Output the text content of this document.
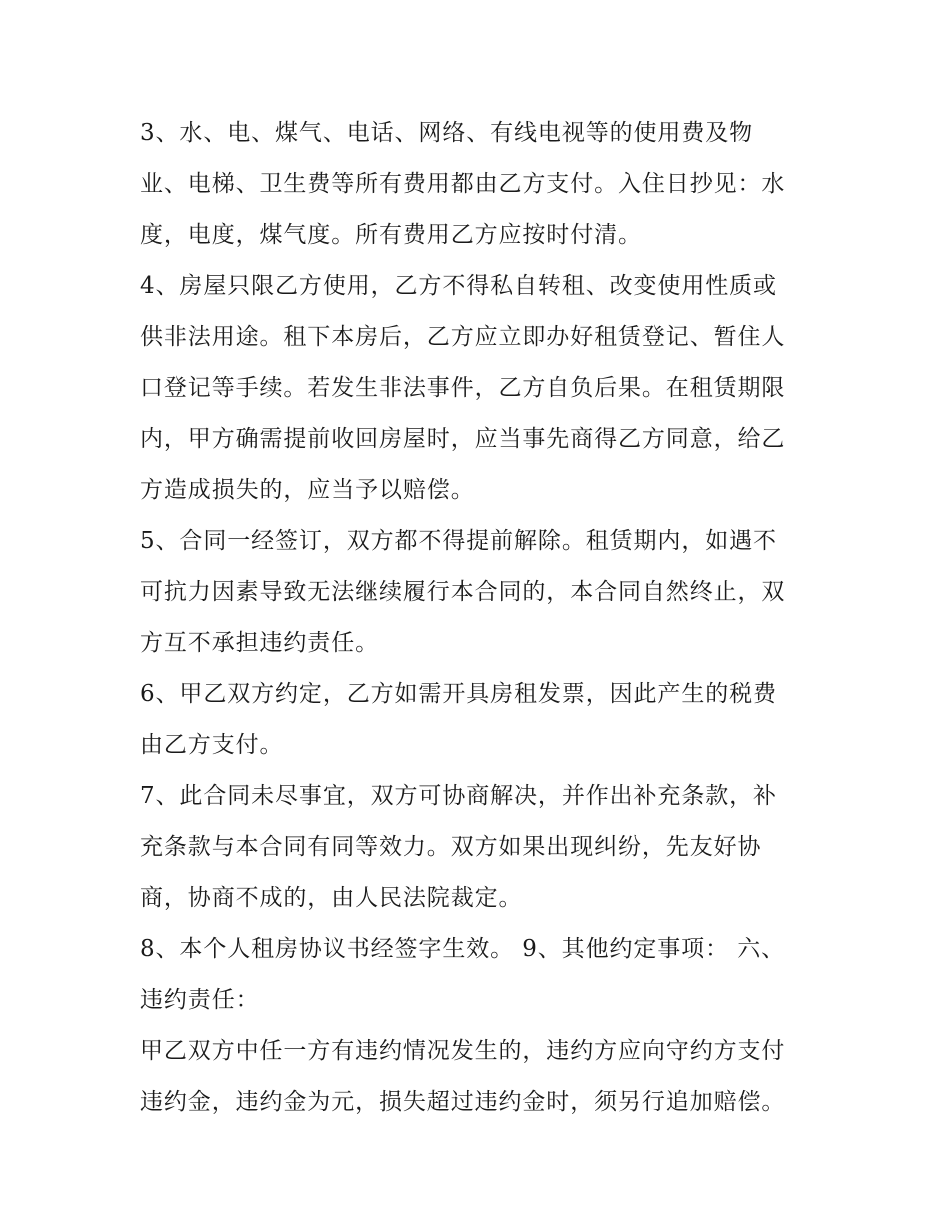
3、水、电、煤气、电话、网络、有线电视等的使用费及物
业、电梯、卫生费等所有费用都由乙方支付。入住日抄见：水
度，电度，煤气度。所有费用乙方应按时付清。
4、房屋只限乙方使用，乙方不得私自转租、改变使用性质或
供非法用途。租下本房后，乙方应立即办好租赁登记、暂住人
口登记等手续。若发生非法事件，乙方自负后果。在租赁期限
内，甲方确需提前收回房屋时，应当事先商得乙方同意，给乙
方造成损失的，应当予以赔偿。
5、合同一经签订，双方都不得提前解除。租赁期内，如遇不
可抗力因素导致无法继续履行本合同的，本合同自然终止，双
方互不承担违约责任。
6、甲乙双方约定，乙方如需开具房租发票，因此产生的税费
由乙方支付。
7、此合同未尽事宜，双方可协商解决，并作出补充条款，补
充条款与本合同有同等效力。双方如果出现纠纷，先友好协
商，协商不成的，由人民法院裁定。
8、本个人租房协议书经签字生效。 9、其他约定事项： 六、
违约责任：
甲乙双方中任一方有违约情况发生的，违约方应向守约方支付
违约金，违约金为元，损失超过违约金时，须另行追加赔偿。
